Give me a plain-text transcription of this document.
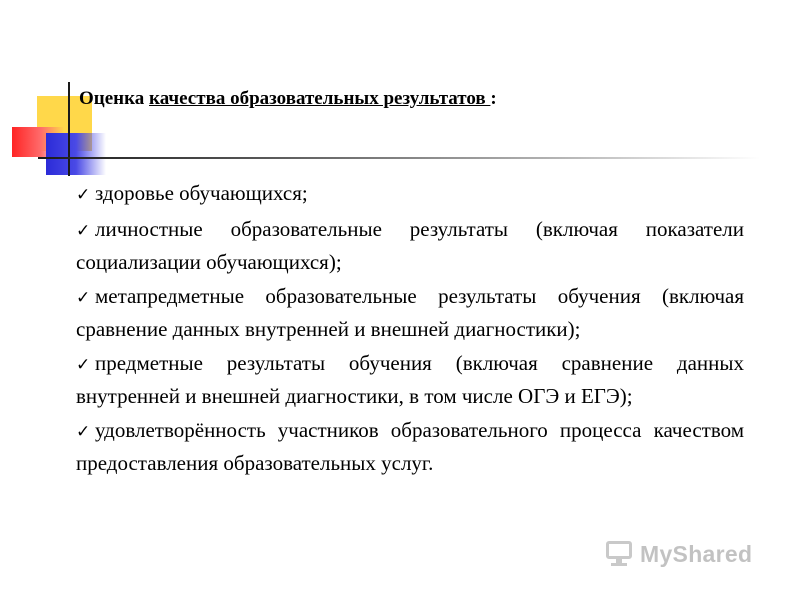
Оценка качества образовательных результатов :
✓ здоровье обучающихся;
✓ личностные образовательные результаты (включая показатели социализации обучающихся);
✓ метапредметные образовательные результаты обучения (включая сравнение данных внутренней и внешней диагностики);
✓ предметные результаты обучения (включая сравнение данных внутренней и внешней диагностики, в том числе ОГЭ и ЕГЭ);
✓ удовлетворённость участников образовательного процесса качеством предоставления образовательных услуг.
MyShared
